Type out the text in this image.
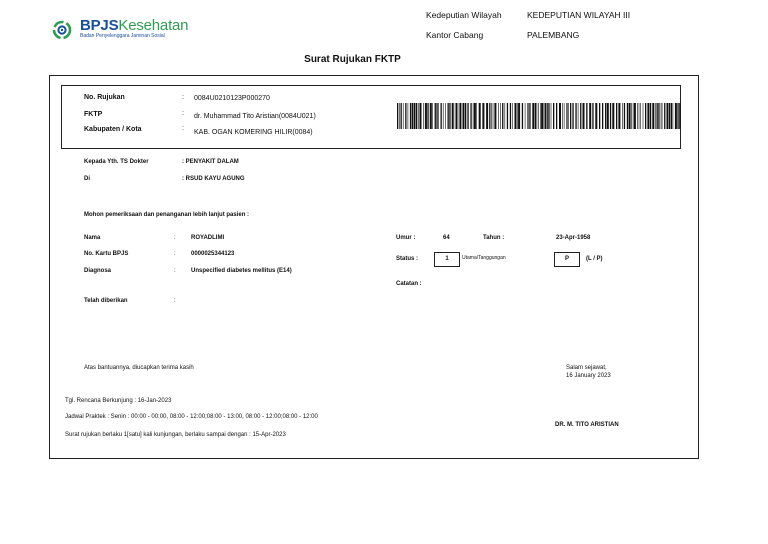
BPJSKesehatan
Badan Penyelenggara Jaminan Sosial
Kedeputian Wilayah	KEDEPUTIAN WILAYAH III
Kantor Cabang	PALEMBANG
Surat Rujukan FKTP
No. Rujukan	: 0084U0210123P000270
FKTP	: dr. Muhammad Tito Aristian(0084U021)
Kabupaten / Kota	:
KAB. OGAN KOMERING HILIR(0084)
Kepada Yth. TS Dokter	: PENYAKIT DALAM
Di	: RSUD KAYU AGUNG
Mohon pemeriksaan dan penanganan lebih lanjut pasien :
Nama	:	ROYADLIMI
No. Kartu BPJS	:	0000025344123
Diagnosa	:	Unspecified diabetes mellitus (E14)
Telah diberikan	:
Umur :	64	Tahun :	23-Apr-1958
Status :	1	Utama/Tanggungan	P	(L / P)
Catatan :
Atas bantuannya, diucapkan terima kasih	Salam sejawat,
16 January 2023
Tgl. Rencana Berkunjung : 16-Jan-2023
Jadwal Praktek : Senin : 00:00 - 00:00, 08:00 - 12:00;08:00 - 13:00, 08:00 - 12:00;08:00 - 12:00
Surat rujukan berlaku 1[satu] kali kunjungan, berlaku sampai dengan : 15-Apr-2023
DR. M. TITO ARISTIAN
